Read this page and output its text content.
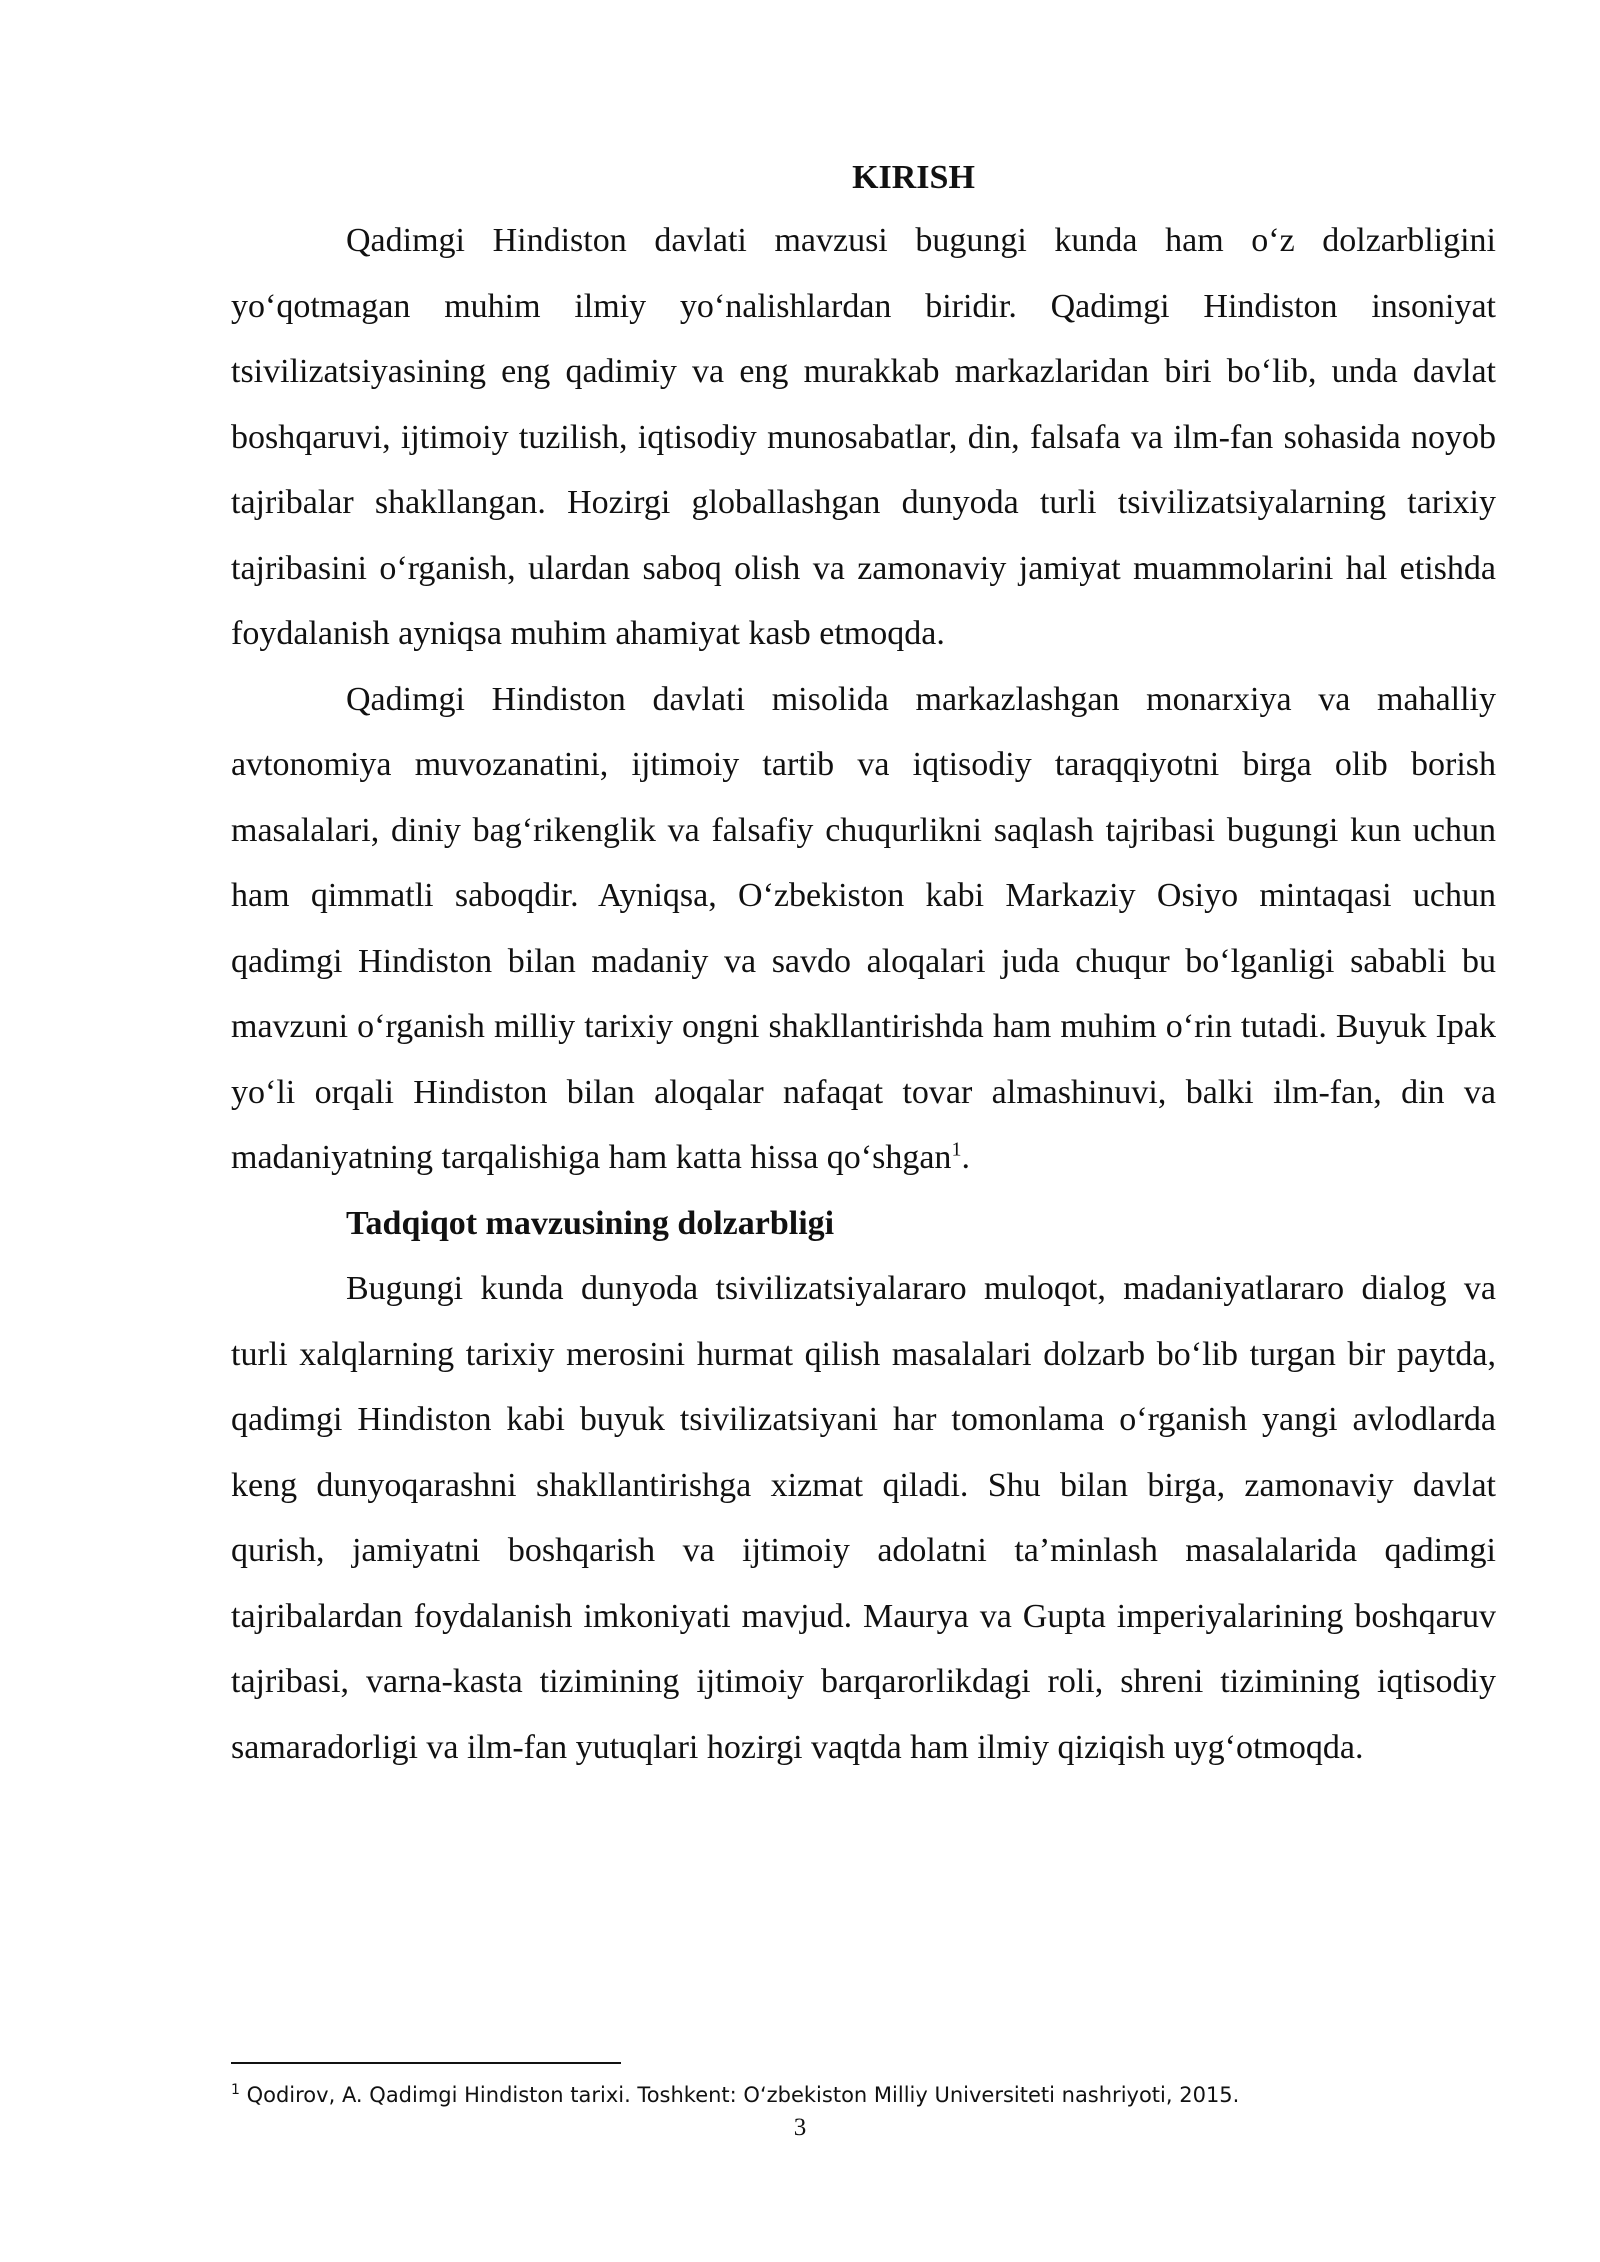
KIRISH

Qadimgi Hindiston davlati mavzusi bugungi kunda ham o‘z dolzarbligini yo‘qotmagan muhim ilmiy yo‘nalishlardan biridir. Qadimgi Hindiston insoniyat tsivilizatsiyasining eng qadimiy va eng murakkab markazlaridan biri bo‘lib, unda davlat boshqaruvi, ijtimoiy tuzilish, iqtisodiy munosabatlar, din, falsafa va ilm-fan sohasida noyob tajribalar shakllangan. Hozirgi globallashgan dunyoda turli tsivilizatsiyalarning tarixiy tajribasini o‘rganish, ulardan saboq olish va zamonaviy jamiyat muammolarini hal etishda foydalanish ayniqsa muhim ahamiyat kasb etmoqda.

Qadimgi Hindiston davlati misolida markazlashgan monarxiya va mahalliy avtonomiya muvozanatini, ijtimoiy tartib va iqtisodiy taraqqiyotni birga olib borish masalalari, diniy bag‘rikenglik va falsafiy chuqurlikni saqlash tajribasi bugungi kun uchun ham qimmatli saboqdir. Ayniqsa, O‘zbekiston kabi Markaziy Osiyo mintaqasi uchun qadimgi Hindiston bilan madaniy va savdo aloqalari juda chuqur bo‘lganligi sababli bu mavzuni o‘rganish milliy tarixiy ongni shakllantirishda ham muhim o‘rin tutadi. Buyuk Ipak yo‘li orqali Hindiston bilan aloqalar nafaqat tovar almashinuvi, balki ilm-fan, din va madaniyatning tarqalishiga ham katta hissa qo‘shgan$^1$.

Tadqiqot mavzusining dolzarbligi

Bugungi kunda dunyoda tsivilizatsiyalararo muloqot, madaniyatlararo dialog va turli xalqlarning tarixiy merosini hurmat qilish masalalari dolzarb bo‘lib turgan bir paytda, qadimgi Hindiston kabi buyuk tsivilizatsiyani har tomonlama o‘rganish yangi avlodlarda keng dunyoqarashni shakllantirishga xizmat qiladi. Shu bilan birga, zamonaviy davlat qurish, jamiyatni boshqarish va ijtimoiy adolatni ta’minlash masalalarida qadimgi tajribalardan foydalanish imkoniyati mavjud. Maurya va Gupta imperiyalarining boshqaruv tajribasi, varna-kasta tizimining ijtimoiy barqarorlikdagi roli, shreni tizimining iqtisodiy samaradorligi va ilm-fan yutuqlari hozirgi vaqtda ham ilmiy qiziqish uyg‘otmoqda.

$^1$ Qodirov, A. Qadimgi Hindiston tarixi. Toshkent: O‘zbekiston Milliy Universiteti nashriyoti, 2015.
3
